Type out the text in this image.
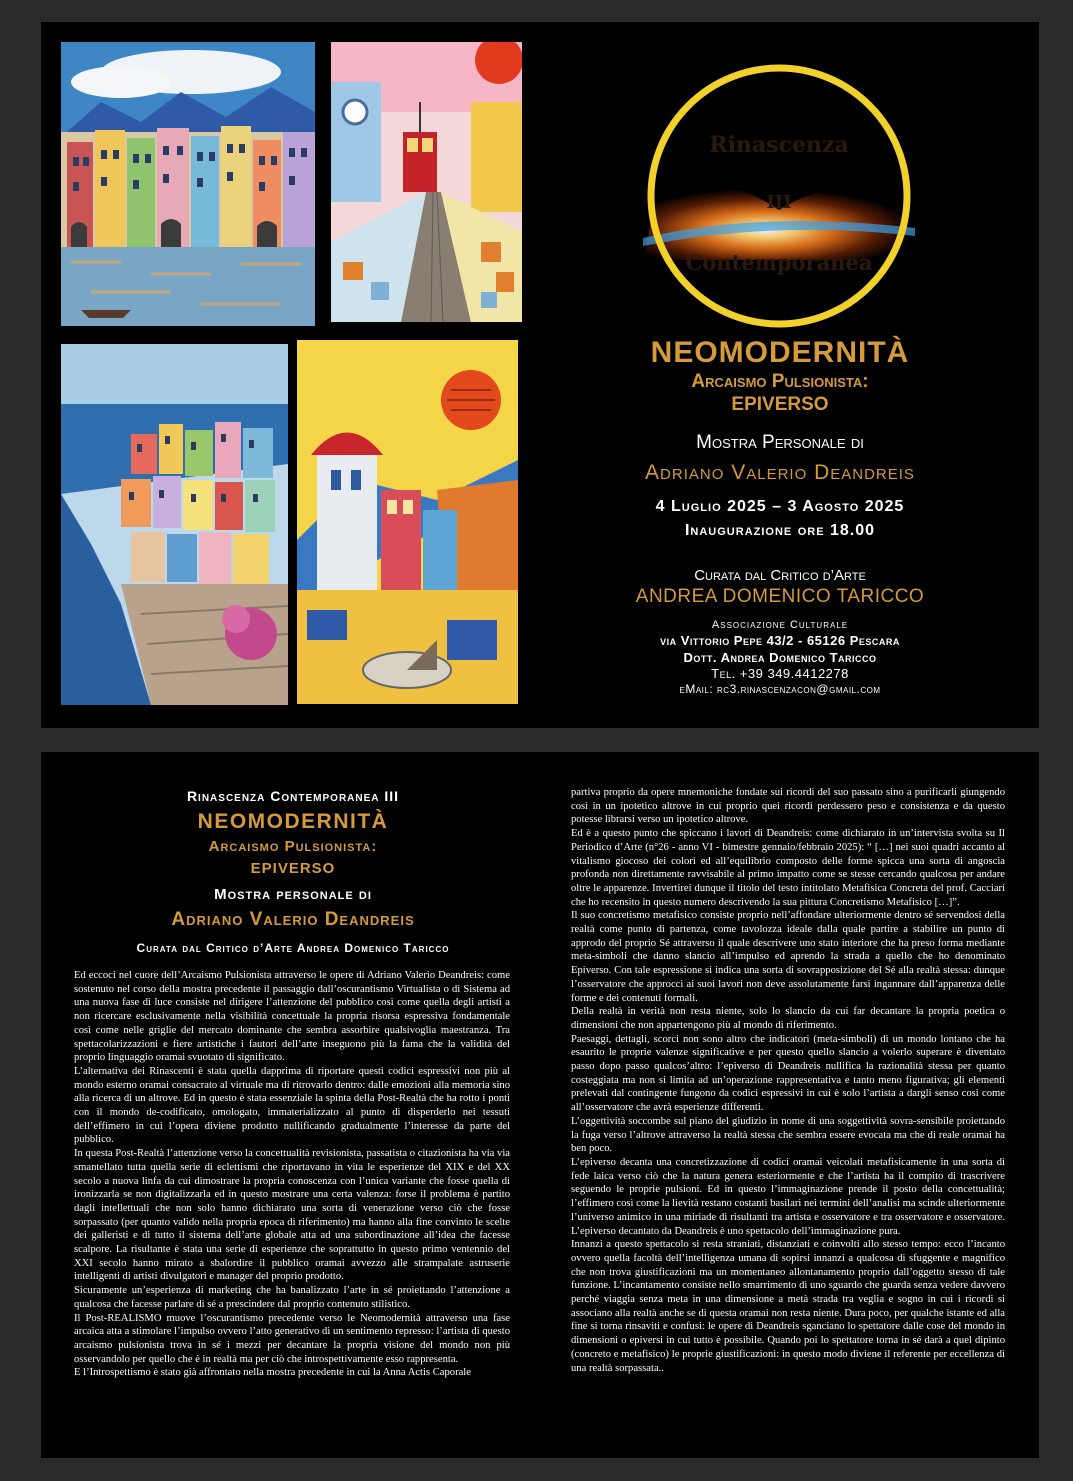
Rinascenza
III
Contemporanea
NEOMODERNITÀ
Arcaismo Pulsionista:
EPIVERSO
Mostra Personale di
Adriano Valerio Deandreis
4 Luglio 2025 – 3 Agosto 2025
Inaugurazione ore 18.00
Curata dal Critico d’Arte
ANDREA DOMENICO TARICCO
Associazione Culturale
via Vittorio Pepe 43/2 - 65126 Pescara
Dott. Andrea Domenico Taricco
Tel. +39 349.4412278
eMail: rc3.rinascenzacon@gmail.com
Rinascenza Contemporanea III
NEOMODERNITÀ
Arcaismo Pulsionista:
EPIVERSO
Mostra personale di
Adriano Valerio Deandreis
Curata dal Critico d’Arte Andrea Domenico Taricco

Ed eccoci nel cuore dell’Arcaismo Pulsionista attraverso le opere di Adriano Valerio Deandreis: come sostenuto nel corso della mostra precedente il passaggio dall’oscurantismo Virtualista o di Sistema ad una nuova fase di luce consiste nel dirigere l’attenzione del pubblico così come quella degli artisti a non ricercare esclusivamente nella visibilità concettuale la propria risorsa espressiva fondamentale così come nelle griglie del mercato dominante che sembra assorbire qualsivoglia maestranza. Tra spettacolarizzazioni e fiere artistiche i fautori dell’arte inseguono più la fama che la validità del proprio linguaggio oramai svuotato di significato.

L’alternativa dei Rinascenti è stata quella dapprima di riportare questi codici espressivi non più al mondo esterno oramai consacrato al virtuale ma di ritrovarlo dentro: dalle emozioni alla memoria sino alla ricerca di un altrove. Ed in questo è stata essenziale la spinta della Post-Realtà che ha rotto i ponti con il mondo de-codificato, omologato, immaterializzato al punto di disperderlo nei tessuti dell’effimero in cui l’opera diviene prodotto nullificando gradualmente l’interesse da parte del pubblico.

In questa Post-Realtà l’attenzione verso la concettualità revisionista, passatista o citazionista ha via via smantellato tutta quella serie di eclettismi che riportavano in vita le esperienze del XIX e del XX secolo a nuova linfa da cui dimostrare la propria conoscenza con l’unica variante che fosse quella di ironizzarla se non digitalizzarla ed in questo mostrare una certa valenza: forse il problema è partito dagli intellettuali che non solo hanno dichiarato una sorta di venerazione verso ciò che fosse sorpassato (per quanto valido nella propria epoca di riferimento) ma hanno alla fine convinto le scelte dei galleristi e di tutto il sistema dell’arte globale atta ad una subordinazione all’idea che facesse scalpore. La risultante è stata una serie di esperienze che soprattutto in questo primo ventennio del XXI secolo hanno mirato a sbalordire il pubblico oramai avvezzo alle strampalate astruserie intelligenti di artisti divulgatori e manager del proprio prodotto.

Sicuramente un’esperienza di marketing che ha banalizzato l’arte in sé proiettando l’attenzione a qualcosa che facesse parlare di sé a prescindere dal proprio contenuto stilistico.

Il Post-REALISMO muove l’oscurantismo precedente verso le Neomodernità attraverso una fase arcaica atta a stimolare l’impulso ovvero l’atto generativo di un sentimento represso: l’artista di questo arcaismo pulsionista trova in sé i mezzi per decantare la propria visione del mondo non più osservandolo per quello che è in realtà ma per ciò che introspettivamente esso rappresenta.

E l’Introspettismo è stato già affrontato nella mostra precedente in cui la Anna Actis Caporale

partiva proprio da opere mnemoniche fondate sui ricordi del suo passato sino a purificarli giungendo così in un ipotetico altrove in cui proprio quei ricordi perdessero peso e consistenza e da questo potesse librarsi verso un ipotetico altrove.

Ed è a questo punto che spiccano i lavori di Deandreis: come dichiarato in un’intervista svolta su Il Periodico d’Arte (n°26 - anno VI - bimestre gennaio/febbraio 2025): “ […] nei suoi quadri accanto al vitalismo giocoso dei colori ed all’equilibrio composto delle forme spicca una sorta di angoscia profonda non direttamente ravvisabile al primo impatto come se stesse cercando qualcosa per andare oltre le apparenze. Invertirei dunque il titolo del testo intitolato Metafisica Concreta del prof. Cacciari che ho recensito in questo numero descrivendo la sua pittura Concretismo Metafisico […]”.

Il suo concretismo metafisico consiste proprio nell’affondare ulteriormente dentro sé servendosi della realtà come punto di partenza, come tavolozza ideale dalla quale partire a stabilire un punto di approdo del proprio Sé attraverso il quale descrivere uno stato interiore che ha preso forma mediante meta-simboli che danno slancio all’impulso ed aprendo la strada a quello che ho denominato Epiverso. Con tale espressione si indica una sorta di sovrapposizione del Sé alla realtà stessa: dunque l’osservatore che approcci ai suoi lavori non deve assolutamente farsi ingannare dall’apparenza delle forme e dei contenuti formali.

Della realtà in verità non resta niente, solo lo slancio da cui far decantare la propria poetica o dimensioni che non appartengono più al mondo di riferimento.

Paesaggi, dettagli, scorci non sono altro che indicatori (meta-simboli) di un mondo lontano che ha esaurito le proprie valenze significative e per questo quello slancio a volerlo superare è diventato passo dopo passo qualcos’altro: l’epiverso di Deandreis nullifica la razionalità stessa per quanto costeggiata ma non si limita ad un’operazione rappresentativa e tanto meno figurativa; gli elementi prelevati dal contingente fungono da codici espressivi in cui è solo l’artista a dargli senso così come all’osservatore che avrà esperienze differenti.

L’oggettività soccombe sul piano del giudizio in nome di una soggettività sovra-sensibile proiettando la fuga verso l’altrove attraverso la realtà stessa che sembra essere evocata ma che di reale oramai ha ben poco.

L’epiverso decanta una concretizzazione di codici oramai veicolati metafisicamente in una sorta di fede laica verso ciò che la natura genera esteriormente e che l’artista ha il compito di trascrivere seguendo le proprie pulsioni. Ed in questo l’immaginazione prende il posto della concettualità; l’effimero così come la lievità restano costanti basilari nei termini dell’analisi ma scinde ulteriormente l’universo animico in una miriade di risultanti tra artista e osservatore e tra osservatore e osservatore. L’epiverso decantato da Deandreis è uno spettacolo dell’immaginazione pura.

Innanzi a questo spettacolo si resta straniati, distanziati e coinvolti allo stesso tempo: ecco l’incanto ovvero quella facoltà dell’intelligenza umana di sopirsi innanzi a qualcosa di sfuggente e magnifico che non trova giustificazioni ma un momentaneo allontanamento proprio dall’oggetto stesso di tale funzione. L’incantamento consiste nello smarrimento di uno sguardo che guarda senza vedere davvero perché viaggia senza meta in una dimensione a metà strada tra veglia e sogno in cui i ricordi si associano alla realtà anche se di questa oramai non resta niente. Dura poco, per qualche istante ed alla fine si torna rinsaviti e confusi: le opere di Deandreis sganciano lo spettatore dalle cose del mondo in dimensioni o epiversi in cui tutto è possibile. Quando poi lo spettatore torna in sé darà a quel dipinto (concreto e metafisico) le proprie giustificazioni: in questo modo diviene il referente per eccellenza di una realtà sorpassata..
